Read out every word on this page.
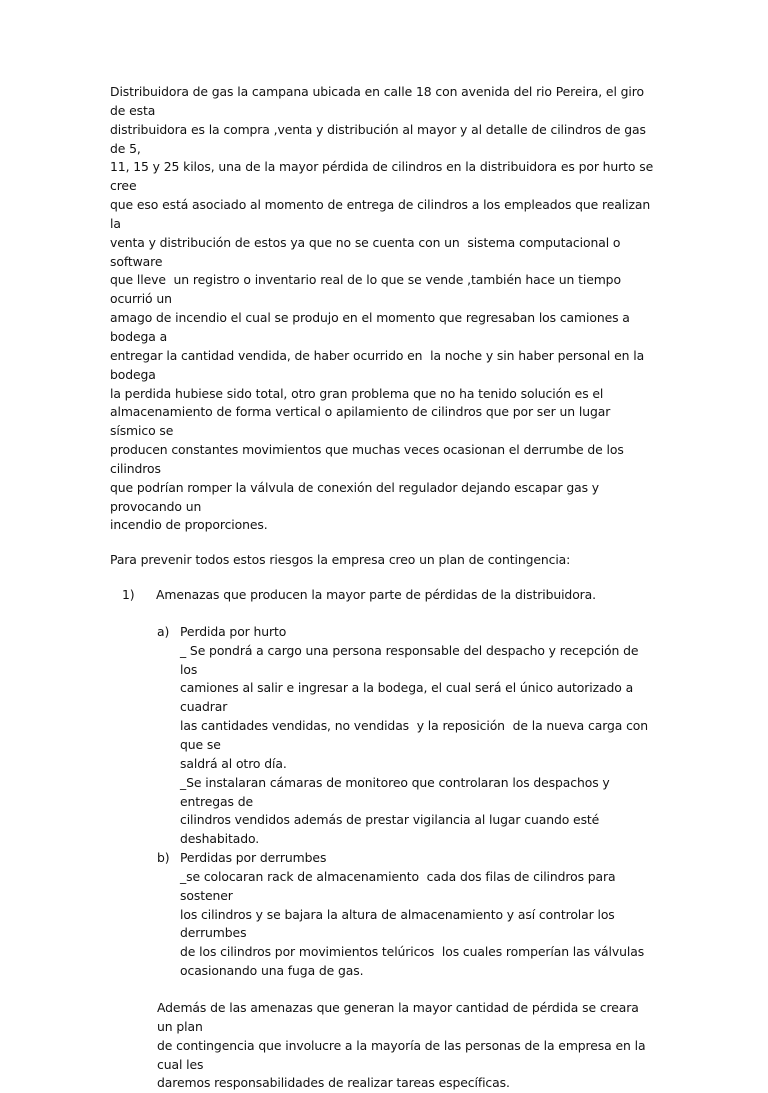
Distribuidora de gas la campana ubicada en calle 18 con avenida del rio Pereira, el giro de esta
distribuidora es la compra ,venta y distribución al mayor y al detalle de cilindros de gas de 5,
11, 15 y 25 kilos, una de la mayor pérdida de cilindros en la distribuidora es por hurto se cree
que eso está asociado al momento de entrega de cilindros a los empleados que realizan la
venta y distribución de estos ya que no se cuenta con un  sistema computacional o software
que lleve  un registro o inventario real de lo que se vende ,también hace un tiempo ocurrió un
amago de incendio el cual se produjo en el momento que regresaban los camiones a bodega a
entregar la cantidad vendida, de haber ocurrido en  la noche y sin haber personal en la bodega
la perdida hubiese sido total, otro gran problema que no ha tenido solución es el
almacenamiento de forma vertical o apilamiento de cilindros que por ser un lugar sísmico se
producen constantes movimientos que muchas veces ocasionan el derrumbe de los cilindros
que podrían romper la válvula de conexión del regulador dejando escapar gas y provocando un
incendio de proporciones.

Para prevenir todos estos riesgos la empresa creo un plan de contingencia:

1) Amenazas que producen la mayor parte de pérdidas de la distribuidora.
a) Perdida por hurto
_ Se pondrá a cargo una persona responsable del despacho y recepción de los
camiones al salir e ingresar a la bodega, el cual será el único autorizado a cuadrar
las cantidades vendidas, no vendidas  y la reposición  de la nueva carga con que se
saldrá al otro día.
_Se instalaran cámaras de monitoreo que controlaran los despachos y entregas de
cilindros vendidos además de prestar vigilancia al lugar cuando esté deshabitado.

b) Perdidas por derrumbes
_se colocaran rack de almacenamiento  cada dos filas de cilindros para sostener
los cilindros y se bajara la altura de almacenamiento y así controlar los derrumbes
de los cilindros por movimientos telúricos  los cuales romperían las válvulas
ocasionando una fuga de gas.

Además de las amenazas que generan la mayor cantidad de pérdida se creara un plan
de contingencia que involucre a la mayoría de las personas de la empresa en la cual les
daremos responsabilidades de realizar tareas específicas.
